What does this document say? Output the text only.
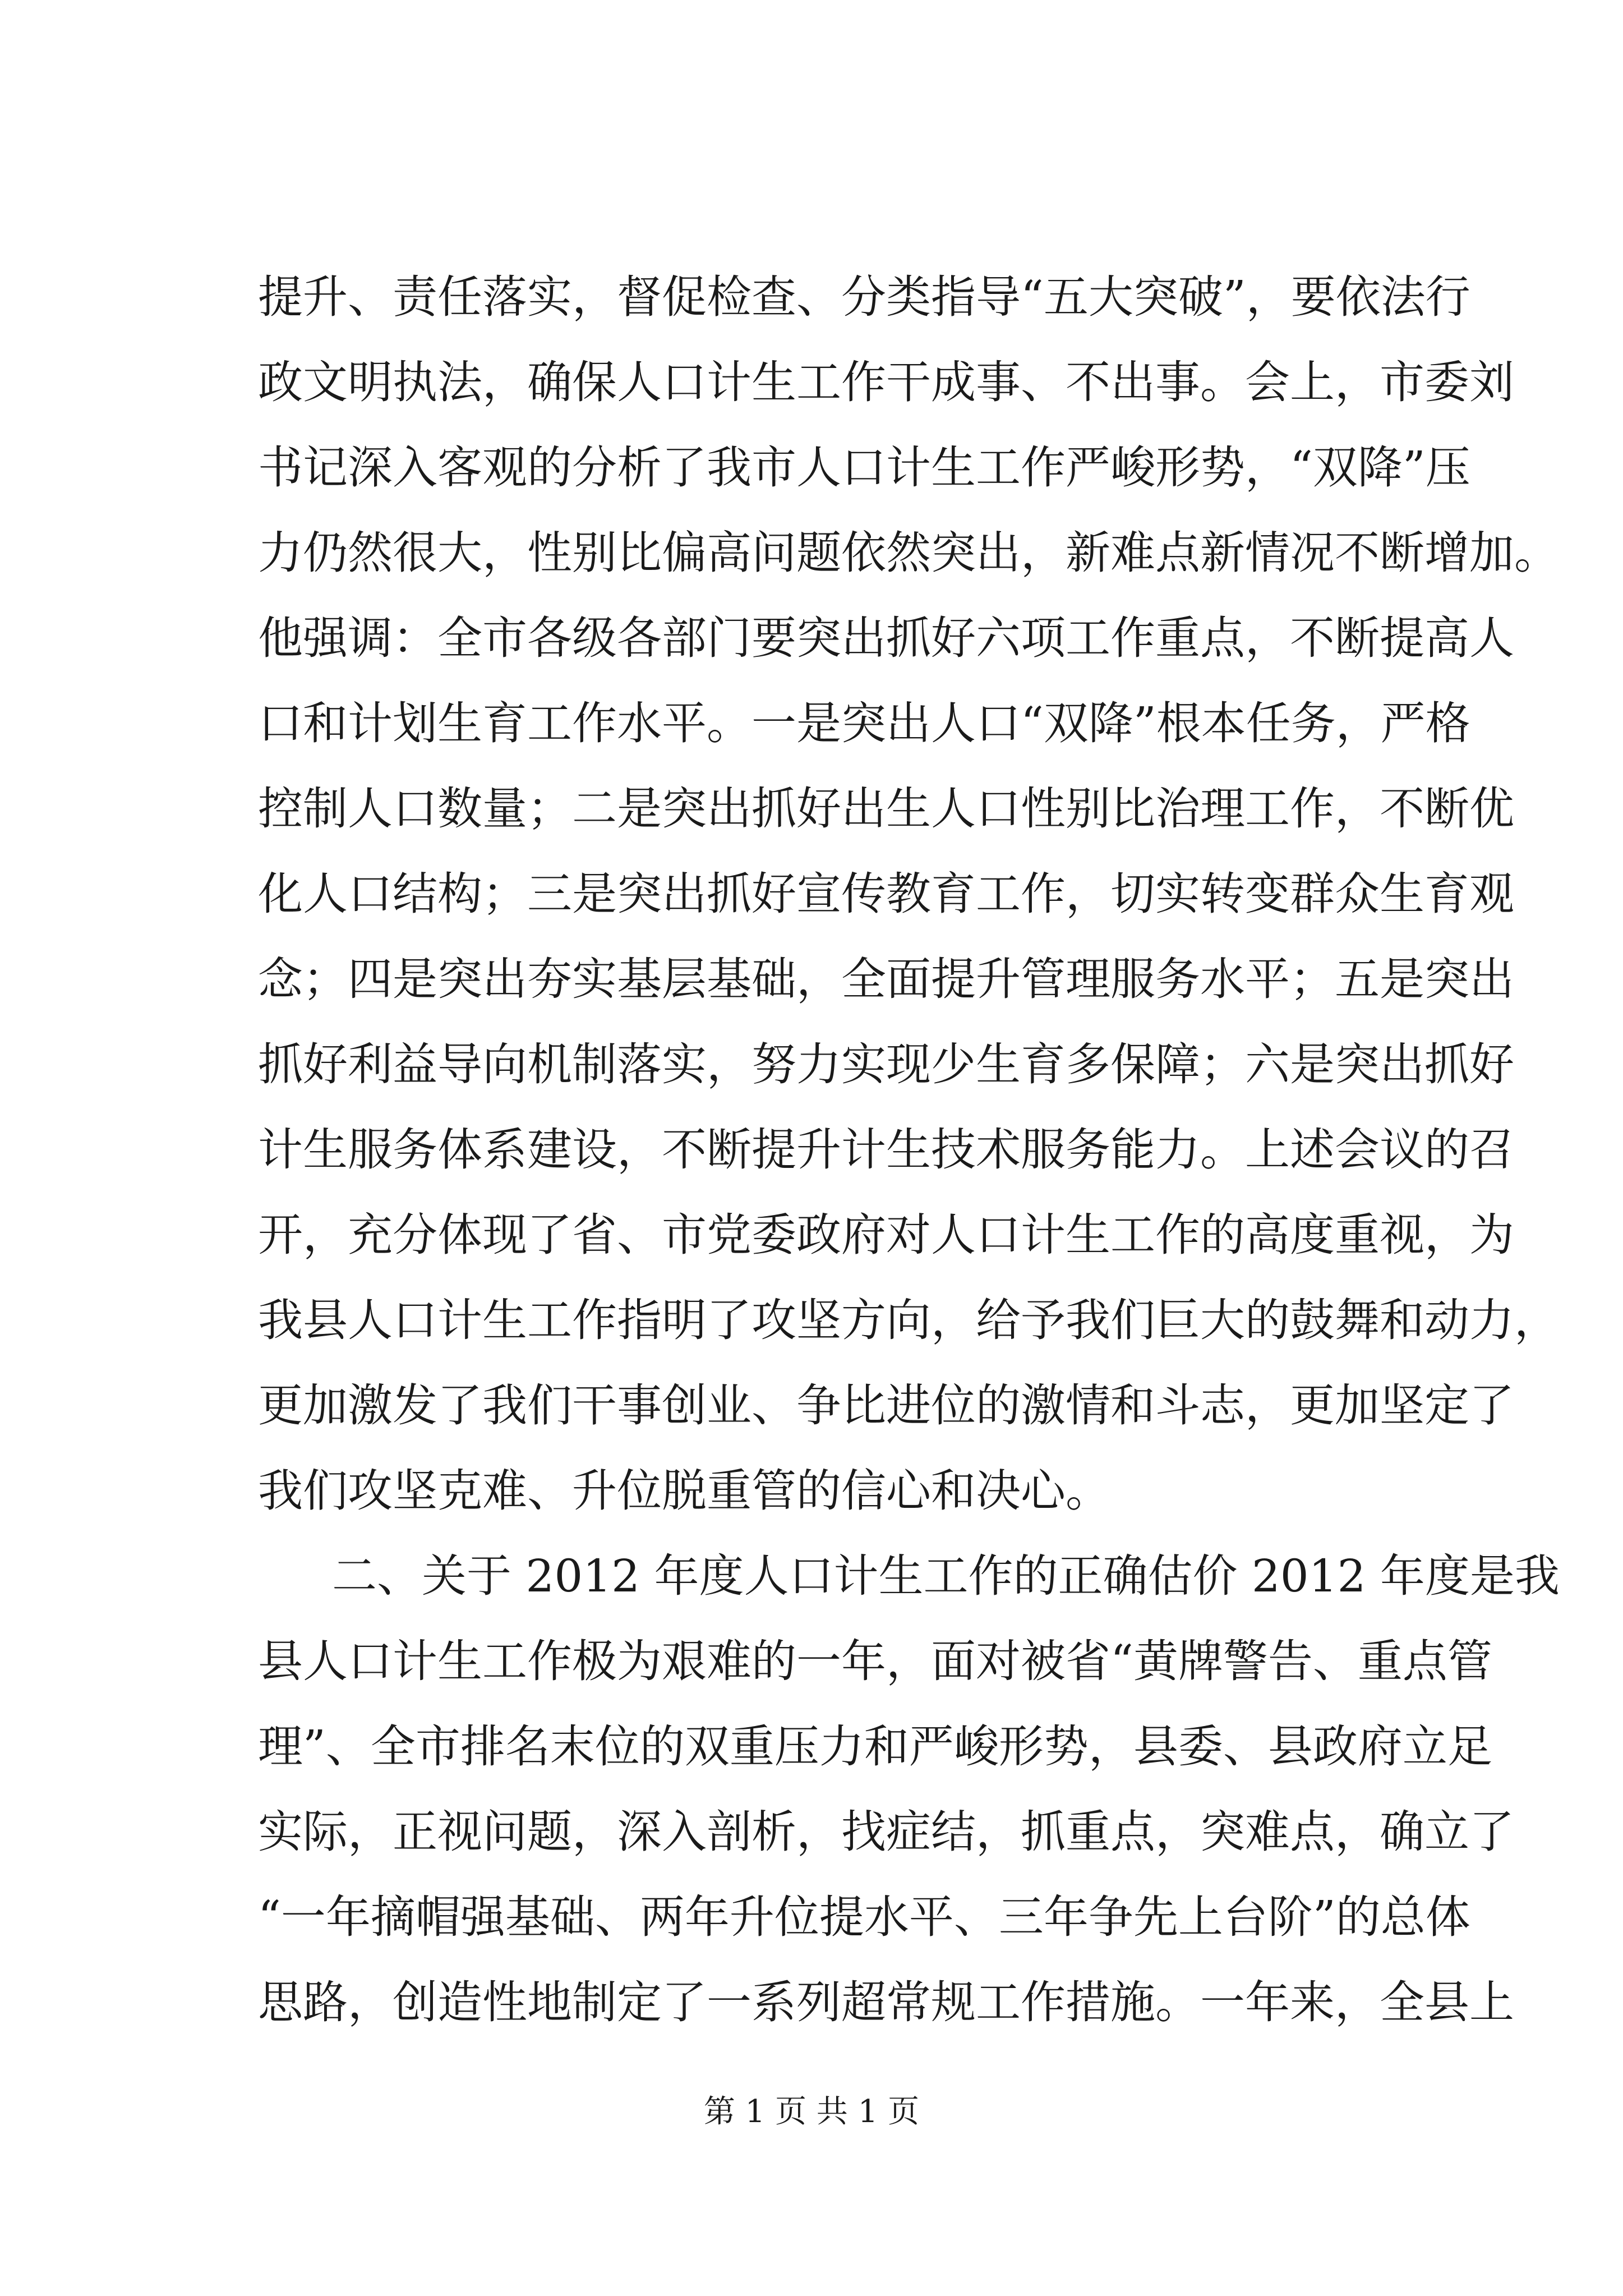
提升、责任落实，督促检查、分类指导“五大突破”，要依法行
政文明执法，确保人口计生工作干成事、不出事。会上，市委刘
书记深入客观的分析了我市人口计生工作严峻形势，“双降”压
力仍然很大，性别比偏高问题依然突出，新难点新情况不断增加。
他强调：全市各级各部门要突出抓好六项工作重点，不断提高人
口和计划生育工作水平。一是突出人口“双降”根本任务，严格
控制人口数量；二是突出抓好出生人口性别比治理工作，不断优
化人口结构；三是突出抓好宣传教育工作，切实转变群众生育观
念；四是突出夯实基层基础，全面提升管理服务水平；五是突出
抓好利益导向机制落实，努力实现少生育多保障；六是突出抓好
计生服务体系建设，不断提升计生技术服务能力。上述会议的召
开，充分体现了省、市党委政府对人口计生工作的高度重视，为
我县人口计生工作指明了攻坚方向，给予我们巨大的鼓舞和动力，
更加激发了我们干事创业、争比进位的激情和斗志，更加坚定了
我们攻坚克难、升位脱重管的信心和决心。
二、关于 2012 年度人口计生工作的正确估价 2012 年度是我
县人口计生工作极为艰难的一年，面对被省“黄牌警告、重点管
理”、全市排名末位的双重压力和严峻形势，县委、县政府立足
实际，正视问题，深入剖析，找症结，抓重点，突难点，确立了
“一年摘帽强基础、两年升位提水平、三年争先上台阶”的总体
思路，创造性地制定了一系列超常规工作措施。一年来，全县上
第 1 页 共 1 页
